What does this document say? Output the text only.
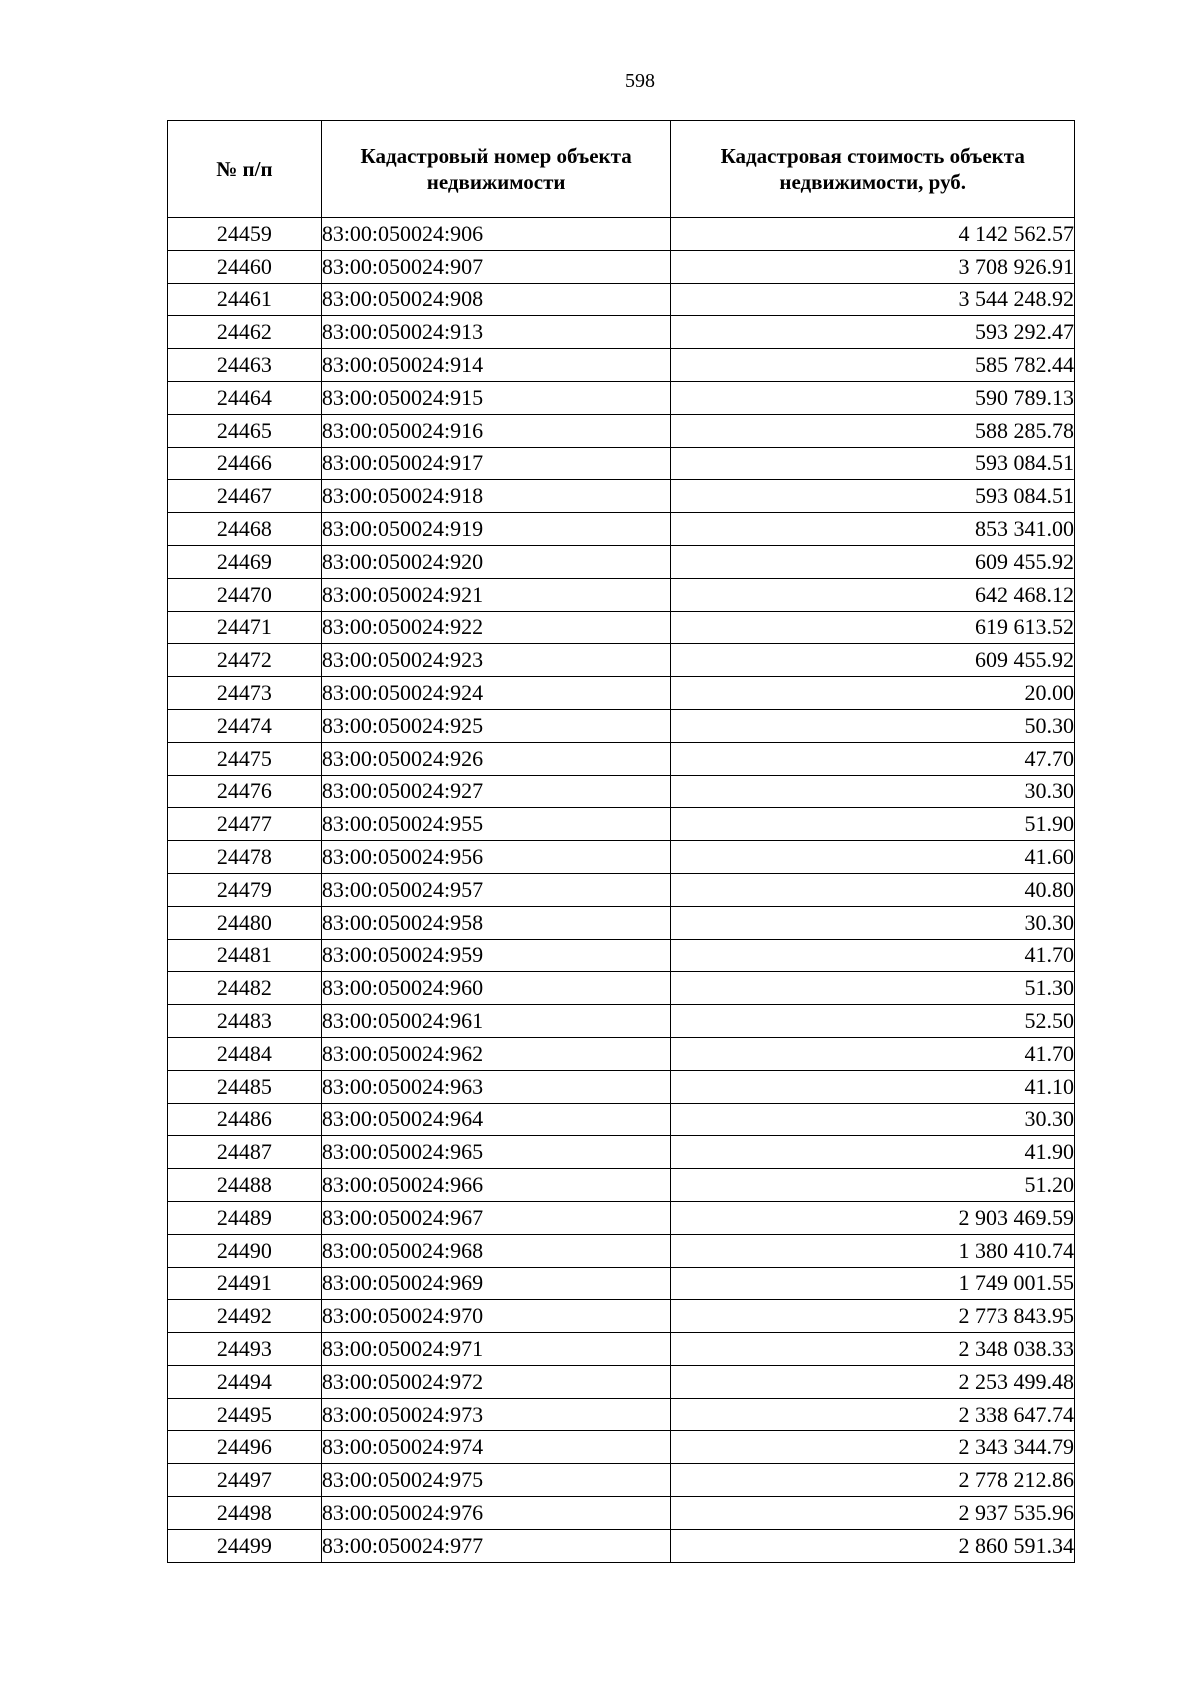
598
№ п/п	Кадастровый номер объекта недвижимости	Кадастровая стоимость объекта недвижимости, руб.
24459	83:00:050024:906	4 142 562.57
24460	83:00:050024:907	3 708 926.91
24461	83:00:050024:908	3 544 248.92
24462	83:00:050024:913	593 292.47
24463	83:00:050024:914	585 782.44
24464	83:00:050024:915	590 789.13
24465	83:00:050024:916	588 285.78
24466	83:00:050024:917	593 084.51
24467	83:00:050024:918	593 084.51
24468	83:00:050024:919	853 341.00
24469	83:00:050024:920	609 455.92
24470	83:00:050024:921	642 468.12
24471	83:00:050024:922	619 613.52
24472	83:00:050024:923	609 455.92
24473	83:00:050024:924	20.00
24474	83:00:050024:925	50.30
24475	83:00:050024:926	47.70
24476	83:00:050024:927	30.30
24477	83:00:050024:955	51.90
24478	83:00:050024:956	41.60
24479	83:00:050024:957	40.80
24480	83:00:050024:958	30.30
24481	83:00:050024:959	41.70
24482	83:00:050024:960	51.30
24483	83:00:050024:961	52.50
24484	83:00:050024:962	41.70
24485	83:00:050024:963	41.10
24486	83:00:050024:964	30.30
24487	83:00:050024:965	41.90
24488	83:00:050024:966	51.20
24489	83:00:050024:967	2 903 469.59
24490	83:00:050024:968	1 380 410.74
24491	83:00:050024:969	1 749 001.55
24492	83:00:050024:970	2 773 843.95
24493	83:00:050024:971	2 348 038.33
24494	83:00:050024:972	2 253 499.48
24495	83:00:050024:973	2 338 647.74
24496	83:00:050024:974	2 343 344.79
24497	83:00:050024:975	2 778 212.86
24498	83:00:050024:976	2 937 535.96
24499	83:00:050024:977	2 860 591.34
